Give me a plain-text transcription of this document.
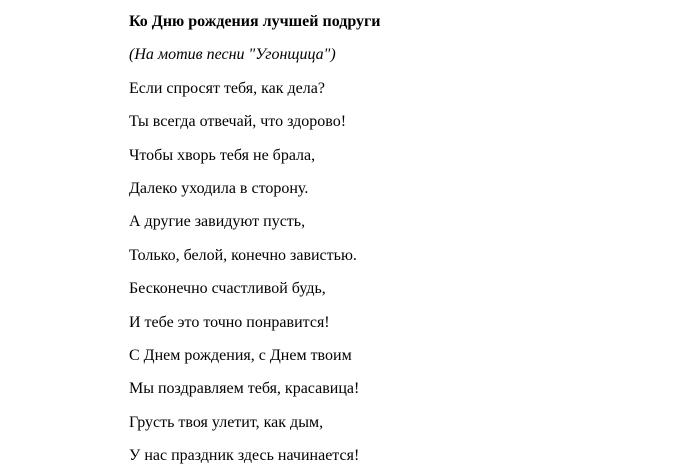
Ко Дню рождения лучшей подруги
(На мотив песни "Угонщица")
Если спросят тебя, как дела?
Ты всегда отвечай, что здорово!
Чтобы хворь тебя не брала,
Далеко уходила в сторону.
А другие завидуют пусть,
Только, белой, конечно завистью.
Бесконечно счастливой будь,
И тебе это точно понравится!
С Днем рождения, с Днем твоим
Мы поздравляем тебя, красавица!
Грусть твоя улетит, как дым,
У нас праздник здесь начинается!
